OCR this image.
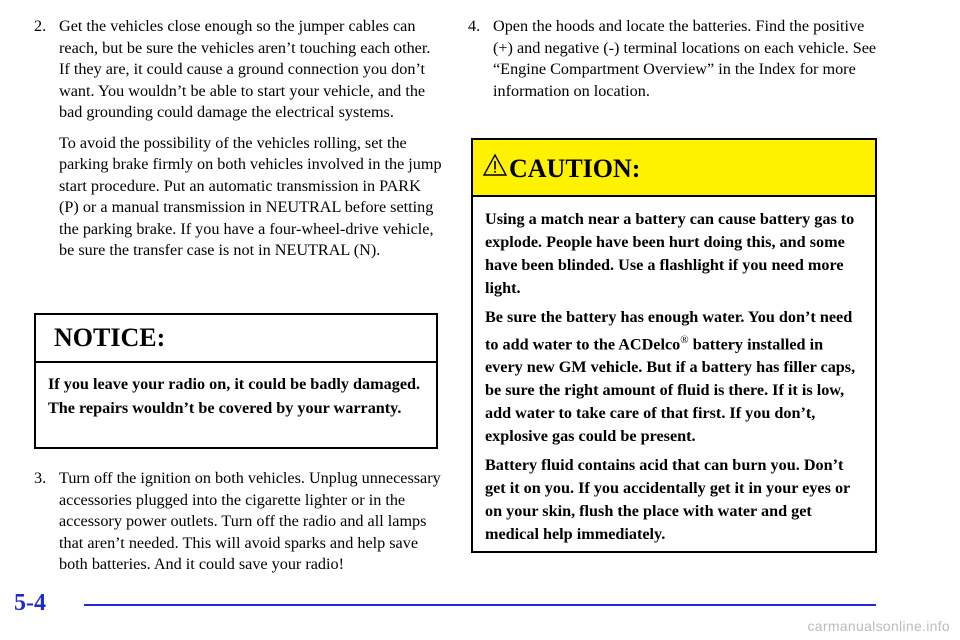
2. Get the vehicles close enough so the jumper cables can reach, but be sure the vehicles aren’t touching each other. If they are, it could cause a ground connection you don’t want. You wouldn’t be able to start your vehicle, and the bad grounding could damage the electrical systems.

To avoid the possibility of the vehicles rolling, set the parking brake firmly on both vehicles involved in the jump start procedure. Put an automatic transmission in PARK (P) or a manual transmission in NEUTRAL before setting the parking brake. If you have a four-wheel-drive vehicle, be sure the transfer case is not in NEUTRAL (N).

NOTICE:
If you leave your radio on, it could be badly damaged. The repairs wouldn’t be covered by your warranty.

3. Turn off the ignition on both vehicles. Unplug unnecessary accessories plugged into the cigarette lighter or in the accessory power outlets. Turn off the radio and all lamps that aren’t needed. This will avoid sparks and help save both batteries. And it could save your radio!

4. Open the hoods and locate the batteries. Find the positive (+) and negative (-) terminal locations on each vehicle. See “Engine Compartment Overview” in the Index for more information on location.

CAUTION:

Using a match near a battery can cause battery gas to explode. People have been hurt doing this, and some have been blinded. Use a flashlight if you need more light.

Be sure the battery has enough water. You don’t need to add water to the ACDelco® battery installed in every new GM vehicle. But if a battery has filler caps, be sure the right amount of fluid is there. If it is low, add water to take care of that first. If you don’t, explosive gas could be present.

Battery fluid contains acid that can burn you. Don’t get it on you. If you accidentally get it in your eyes or on your skin, flush the place with water and get medical help immediately.

5-4
carmanualsonline.info
